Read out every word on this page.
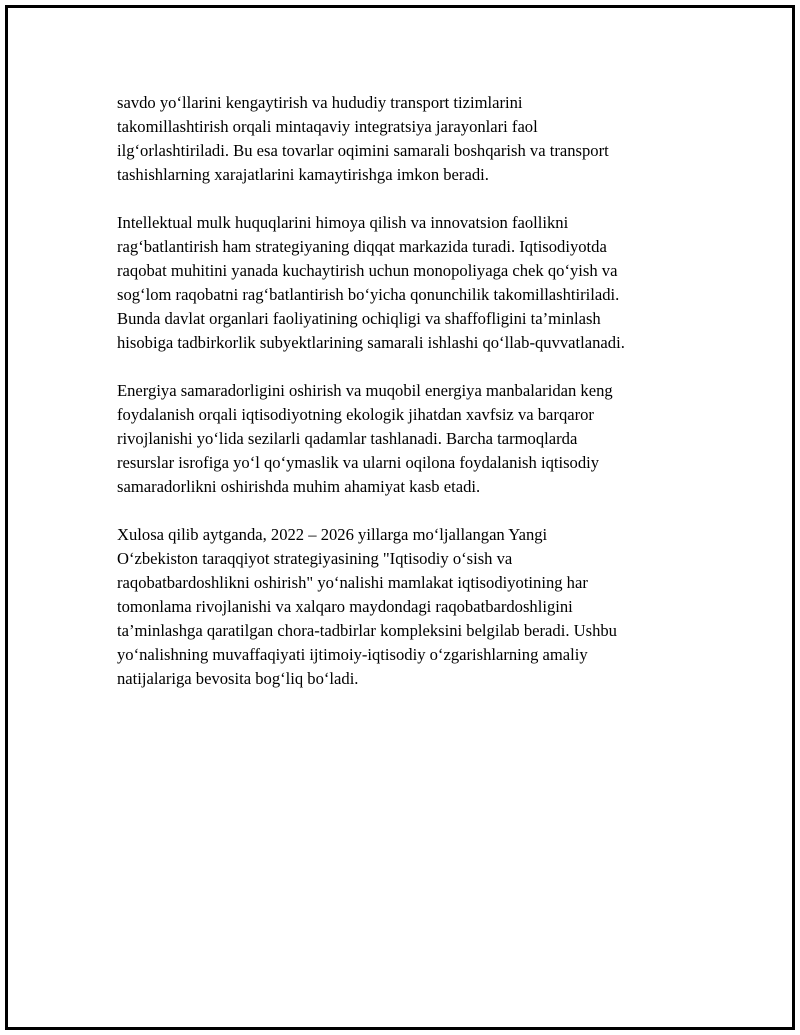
savdo yo‘llarini kengaytirish va hududiy transport tizimlarini
takomillashtirish orqali mintaqaviy integratsiya jarayonlari faol
ilg‘orlashtiriladi. Bu esa tovarlar oqimini samarali boshqarish va transport
tashishlarning xarajatlarini kamaytirishga imkon beradi.

Intellektual mulk huquqlarini himoya qilish va innovatsion faollikni
rag‘batlantirish ham strategiyaning diqqat markazida turadi. Iqtisodiyotda
raqobat muhitini yanada kuchaytirish uchun monopoliyaga chek qo‘yish va
sog‘lom raqobatni rag‘batlantirish bo‘yicha qonunchilik takomillashtiriladi.
Bunda davlat organlari faoliyatining ochiqligi va shaffofligini ta’minlash
hisobiga tadbirkorlik subyektlarining samarali ishlashi qo‘llab-quvvatlanadi.

Energiya samaradorligini oshirish va muqobil energiya manbalaridan keng
foydalanish orqali iqtisodiyotning ekologik jihatdan xavfsiz va barqaror
rivojlanishi yo‘lida sezilarli qadamlar tashlanadi. Barcha tarmoqlarda
resurslar isrofiga yo‘l qo‘ymaslik va ularni oqilona foydalanish iqtisodiy
samaradorlikni oshirishda muhim ahamiyat kasb etadi.

Xulosa qilib aytganda, 2022 – 2026 yillarga mo‘ljallangan Yangi
O‘zbekiston taraqqiyot strategiyasining "Iqtisodiy o‘sish va
raqobatbardoshlikni oshirish" yo‘nalishi mamlakat iqtisodiyotining har
tomonlama rivojlanishi va xalqaro maydondagi raqobatbardoshligini
ta’minlashga qaratilgan chora-tadbirlar kompleksini belgilab beradi. Ushbu
yo‘nalishning muvaffaqiyati ijtimoiy-iqtisodiy o‘zgarishlarning amaliy
natijalariga bevosita bog‘liq bo‘ladi.
